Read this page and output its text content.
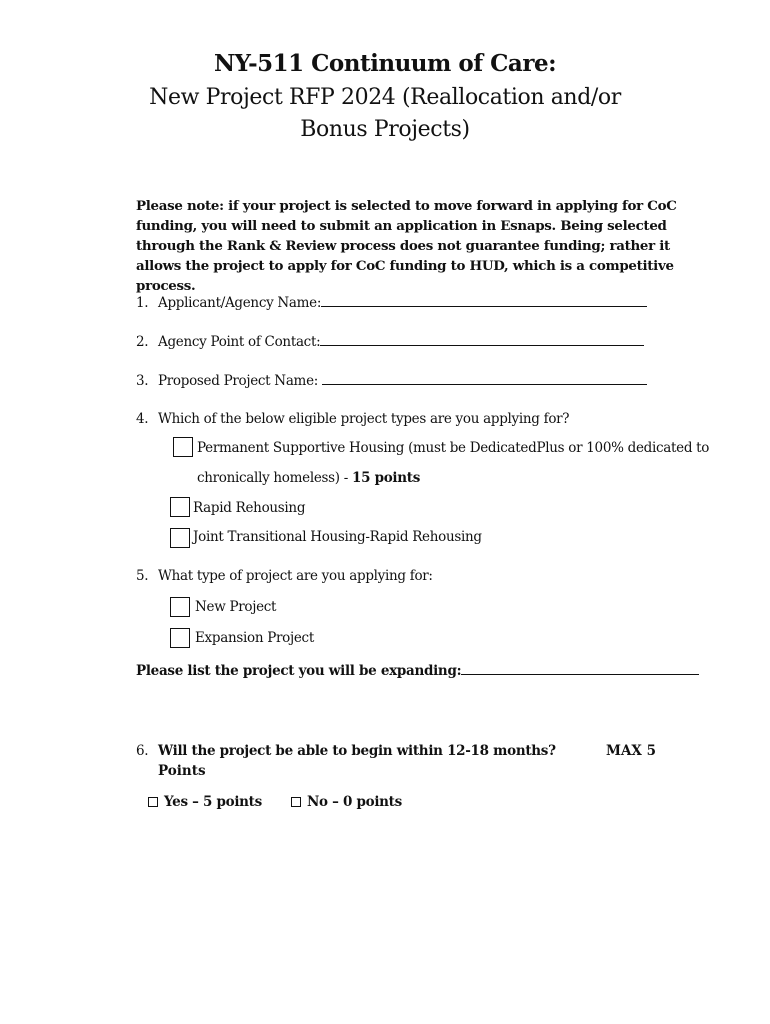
NY-511 Continuum of Care:
New Project RFP 2024 (Reallocation and/or Bonus Projects)
Please note: if your project is selected to move forward in applying for CoC funding, you will need to submit an application in Esnaps. Being selected through the Rank & Review process does not guarantee funding; rather it allows the project to apply for CoC funding to HUD, which is a competitive process.
1. Applicant/Agency Name:
2. Agency Point of Contact:
3. Proposed Project Name:
4. Which of the below eligible project types are you applying for?
Permanent Supportive Housing (must be DedicatedPlus or 100% dedicated to
chronically homeless) - 15 points
Rapid Rehousing
Joint Transitional Housing-Rapid Rehousing
5. What type of project are you applying for:
New Project
Expansion Project
Please list the project you will be expanding:
6. Will the project be able to begin within 12-18 months?	MAX 5
Points
Yes – 5 points	No – 0 points
